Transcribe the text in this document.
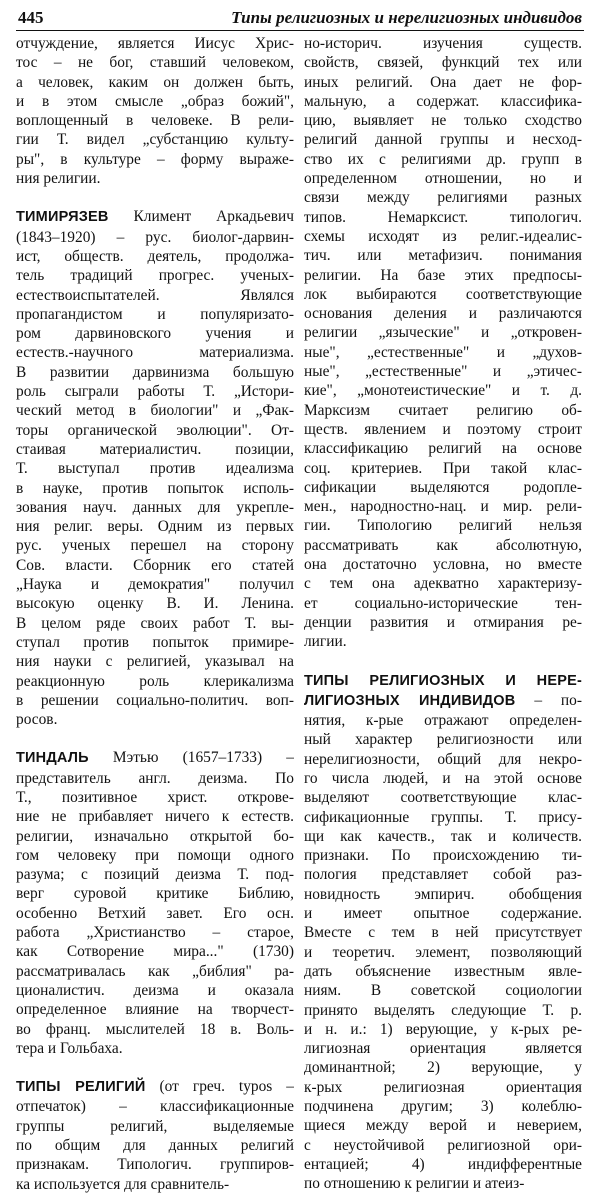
445	Типы религиозных и нерелигиозных индивидов
отчуждение, является Иисус Хрис-
тос – не бог, ставший человеком,
а человек, каким он должен быть,
и в этом смысле „образ божий",
воплощенный в человеке. В рели-
гии Т. видел „субстанцию культу-
ры", в культуре – форму выраже-
ния религии.
ТИМИРЯЗЕВ Климент Аркадьевич
(1843–1920) – рус. биолог-дарвин-
ист, обществ. деятель, продолжа-
тель традиций прогрес. ученых-
естествоиспытателей. Являлся
пропагандистом и популяризато-
ром дарвиновского учения и
естеств.-научного материализма.
В развитии дарвинизма большую
роль сыграли работы Т. „Истори-
ческий метод в биологии" и „Фак-
торы органической эволюции". От-
стаивая материалистич. позиции,
Т. выступал против идеализма
в науке, против попыток исполь-
зования науч. данных для укрепле-
ния религ. веры. Одним из первых
рус. ученых перешел на сторону
Сов. власти. Сборник его статей
„Наука и демократия" получил
высокую оценку В. И. Ленина.
В целом ряде своих работ Т. вы-
ступал против попыток примире-
ния науки с религией, указывал на
реакционную роль клерикализма
в решении социально-политич. воп-
росов.
ТИНДАЛЬ Мэтью (1657–1733) –
представитель англ. деизма. По
Т., позитивное христ. откровe-
ние не прибавляет ничего к естеств.
религии, изначально открытой бо-
гом человеку при помощи одного
разума; с позиций деизма Т. под-
верг суровой критике Библию,
особенно Ветхий завет. Его осн.
работа „Христианство – старое,
как Сотворение мира..." (1730)
рассматривалась как „библия" ра-
ционалистич. деизма и оказала
определенное влияние на творчест-
во франц. мыслителей 18 в. Воль-
тера и Гольбаха.
ТИПЫ РЕЛИГИЙ (от греч. typos –
отпечаток) – классификационные
группы религий, выделяемые
по общим для данных религий
признакам. Типологич. группиров-
ка используется для сравнитель-
но-историч. изучения существ.
свойств, связей, функций тех или
иных религий. Она дает не фор-
мальную, а содержат. классифика-
цию, выявляет не только сходство
религий данной группы и несход-
ство их с религиями др. групп в
определенном отношении, но и
связи между религиями разных
типов. Немарксист. типологич.
схемы исходят из религ.-идеалис-
тич. или метафизич. понимания
религии. На базе этих предпосы-
лок выбираются соответствующие
основания деления и различаются
религии „языческие" и „откровен-
ные", „естественные" и „духов-
ные", „естественные" и „этичес-
кие", „монотеистические" и т. д.
Марксизм считает религию об-
ществ. явлением и поэтому строит
классификацию религий на основе
соц. критериев. При такой клас-
сификации выделяются родоплe-
мен., народностно-нац. и мир. рели-
гии. Типологию религий нельзя
рассматривать как абсолютную,
она достаточно условна, но вместе
с тем она адекватно характеризу-
ет социально-исторические тен-
денции развития и отмирания ре-
лигии.
ТИПЫ РЕЛИГИОЗНЫХ И НЕРЕ-
ЛИГИОЗНЫХ ИНДИВИДОВ – по-
нятия, к-рые отражают определен-
ный характер религиозности или
нерелигиозности, общий для некро-
го числа людей, и на этой основе
выделяют соответствующие клас-
сификационные группы. Т. прису-
щи как качеств., так и количеств.
признаки. По происхождению ти-
пология представляет собой раз-
новидность эмпирич. обобщения
и имеет опытное содержание.
Вместе с тем в ней присутствует
и теоретич. элемент, позволяющий
дать объяснение известным явле-
ниям. В советской социологии
принято выделять следующие Т. р.
и н. и.: 1) верующие, у к-рых ре-
лигиозная ориентация является
доминантной; 2) верующие, у
к-рых религиозная ориентация
подчинена другим; 3) колеблю-
щиеся между верой и неверием,
с неустойчивой религиозной ори-
ентацией; 4) индифферентные
по отношению к религии и атеиз-
